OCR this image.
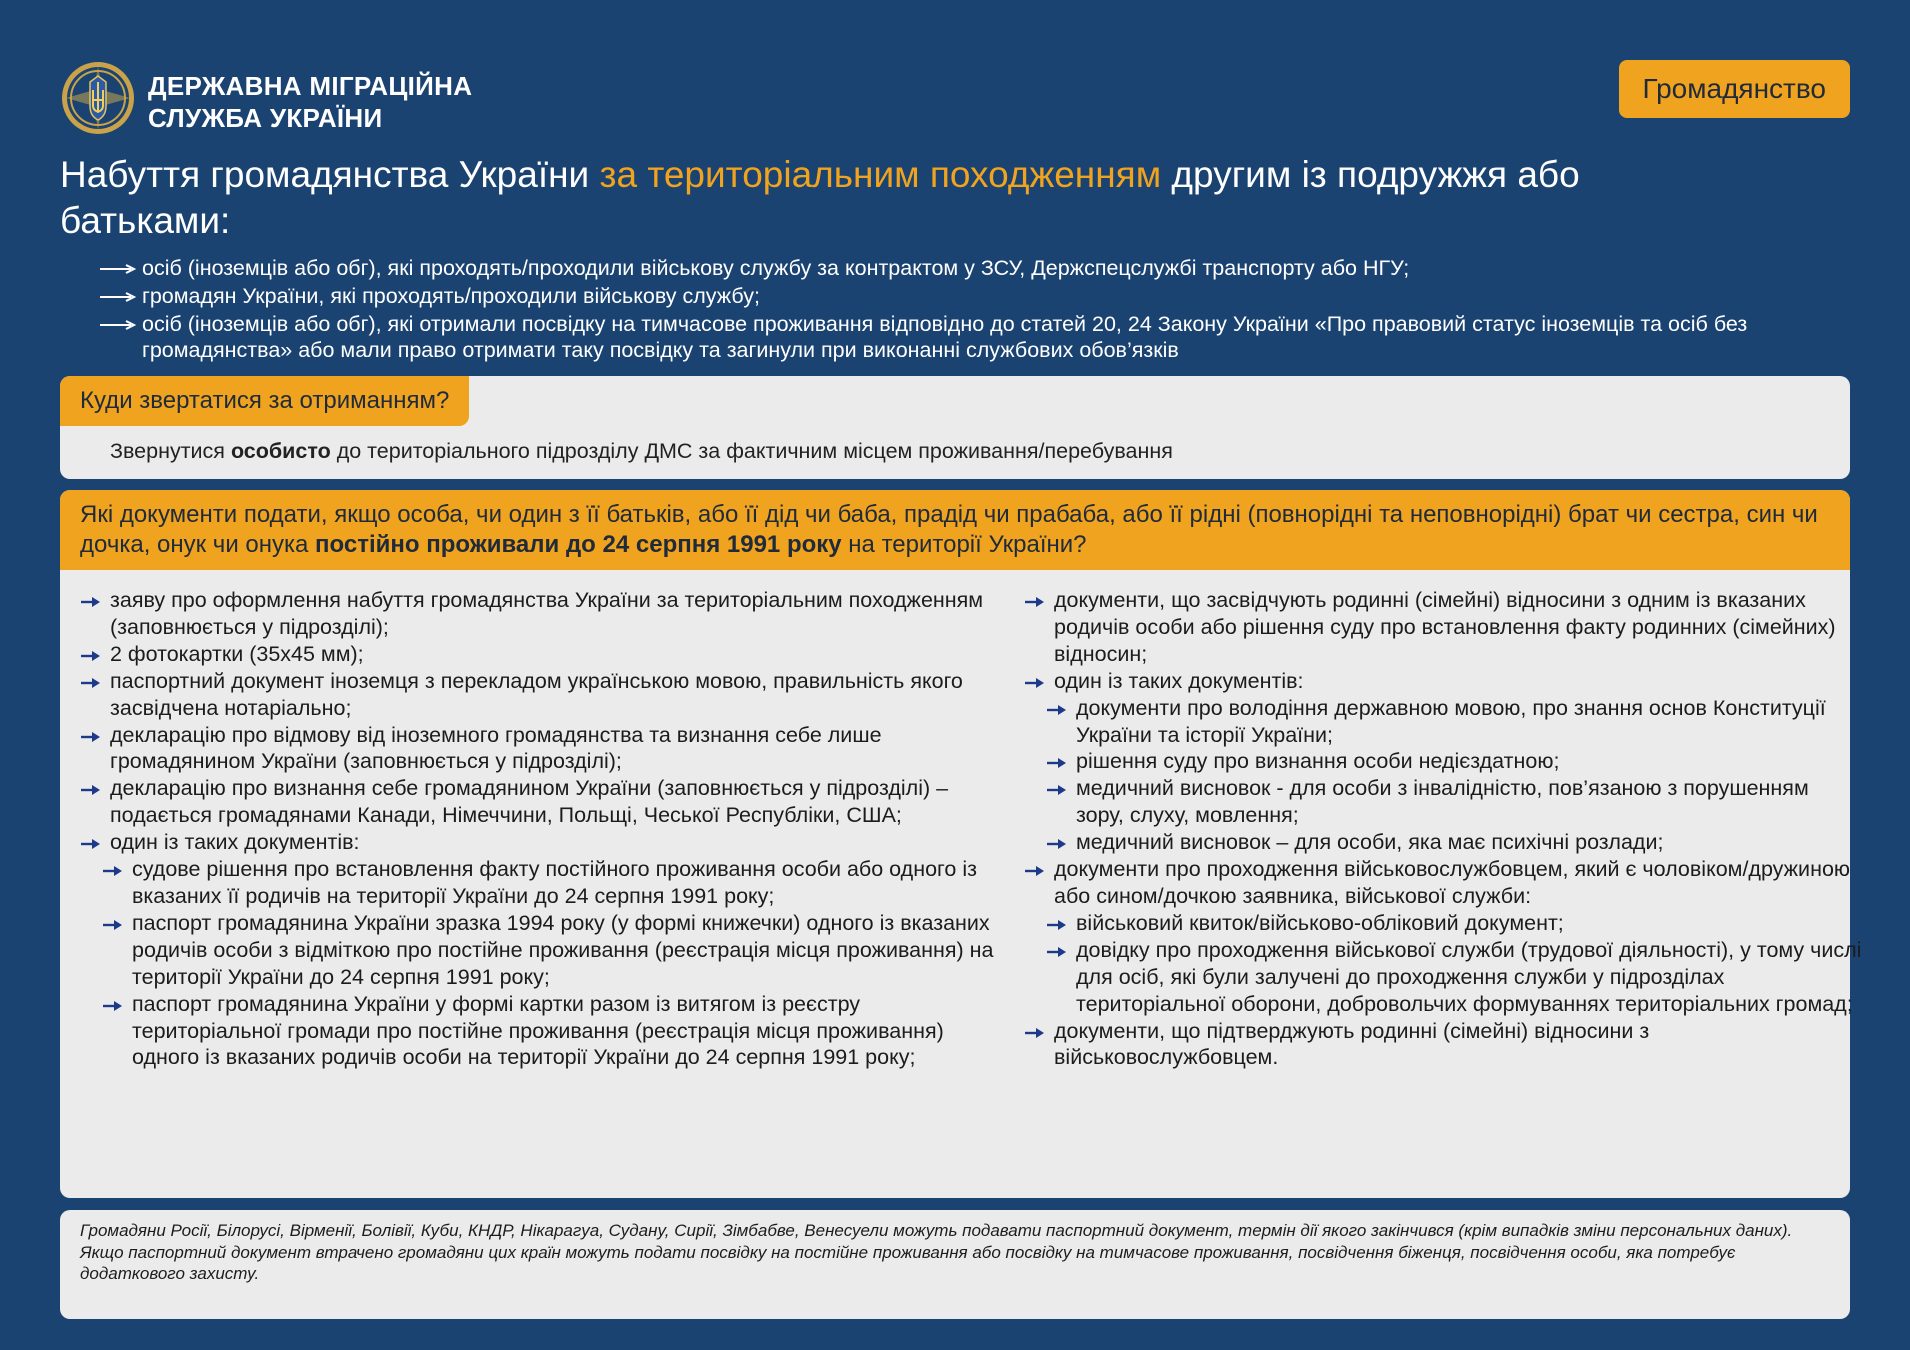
ДЕРЖАВНА МІГРАЦІЙНА
СЛУЖБА УКРАЇНИ
Громадянство
Набуття громадянства України за територіальним походженням другим із подружжя або батьками:
осіб (іноземців або обг), які проходять/проходили військову службу за контрактом у ЗСУ, Держспецслужбі транспорту або НГУ;
громадян України, які проходять/проходили військову службу;
осіб (іноземців або обг), які отримали посвідку на тимчасове проживання відповідно до статей 20, 24 Закону України «Про правовий статус іноземців та осіб без громадянства» або мали право отримати таку посвідку та загинули при виконанні службових обов’язків
Куди звертатися за отриманням?
Звернутися особисто до територіального підрозділу ДМС за фактичним місцем проживання/перебування
Які документи подати, якщо особа, чи один з її батьків, або її дід чи баба, прадід чи прабаба, або її рідні (повнорідні та неповнорідні) брат чи сестра, син чи дочка, онук чи онука постійно проживали до 24 серпня 1991 року на території України?
заяву про оформлення набуття громадянства України за територіальним походженням (заповнюється у підрозділі);
2 фотокартки (35х45 мм);
паспортний документ іноземця з перекладом українською мовою, правильність якого засвідчена нотаріально;
декларацію про відмову від іноземного громадянства та визнання себе лише громадянином України (заповнюється у підрозділі);
декларацію про визнання себе громадянином України (заповнюється у підрозділі) – подається громадянами Канади, Німеччини, Польщі, Чеської Республіки, США;
один із таких документів:
судове рішення про встановлення факту постійного проживання особи або одного із вказаних її родичів на території України до 24 серпня 1991 року;
паспорт громадянина України зразка 1994 року (у формі книжечки) одного із вказаних родичів особи з відміткою про постійне проживання (реєстрація місця проживання) на території України до 24 серпня 1991 року;
паспорт громадянина України у формі картки разом із витягом із реєстру територіальної громади про постійне проживання (реєстрація місця проживання) одного із вказаних родичів особи на території України до 24 серпня 1991 року;
документи, що засвідчують родинні (сімейні) відносини з одним із вказаних родичів особи або рішення суду про встановлення факту родинних (сімейних) відносин;
один із таких документів:
документи про володіння державною мовою, про знання основ Конституції України та історії України;
рішення суду про визнання особи недієздатною;
медичний висновок - для особи з інвалідністю, пов’язаною з порушенням зору, слуху, мовлення;
медичний висновок – для особи, яка має психічні розлади;
документи про проходження військовослужбовцем, який є чоловіком/дружиною або сином/дочкою заявника, військової служби:
військовий квиток/військово-обліковий документ;
довідку про проходження військової служби (трудової діяльності), у тому числі для осіб, які були залучені до проходження служби у підрозділах територіальної оборони, добровольчих формуваннях територіальних громад;
документи, що підтверджують родинні (сімейні) відносини з військовослужбовцем.
Громадяни Росії, Білорусі, Вірменії, Болівії, Куби, КНДР, Нікарагуа, Судану, Сирії, Зімбабве, Венесуели можуть подавати паспортний документ, термін дії якого закінчився (крім випадків зміни персональних даних).
Якщо паспортний документ втрачено громадяни цих країн можуть подати посвідку на постійне проживання або посвідку на тимчасове проживання, посвідчення біженця, посвідчення особи, яка потребує додаткового захисту.
